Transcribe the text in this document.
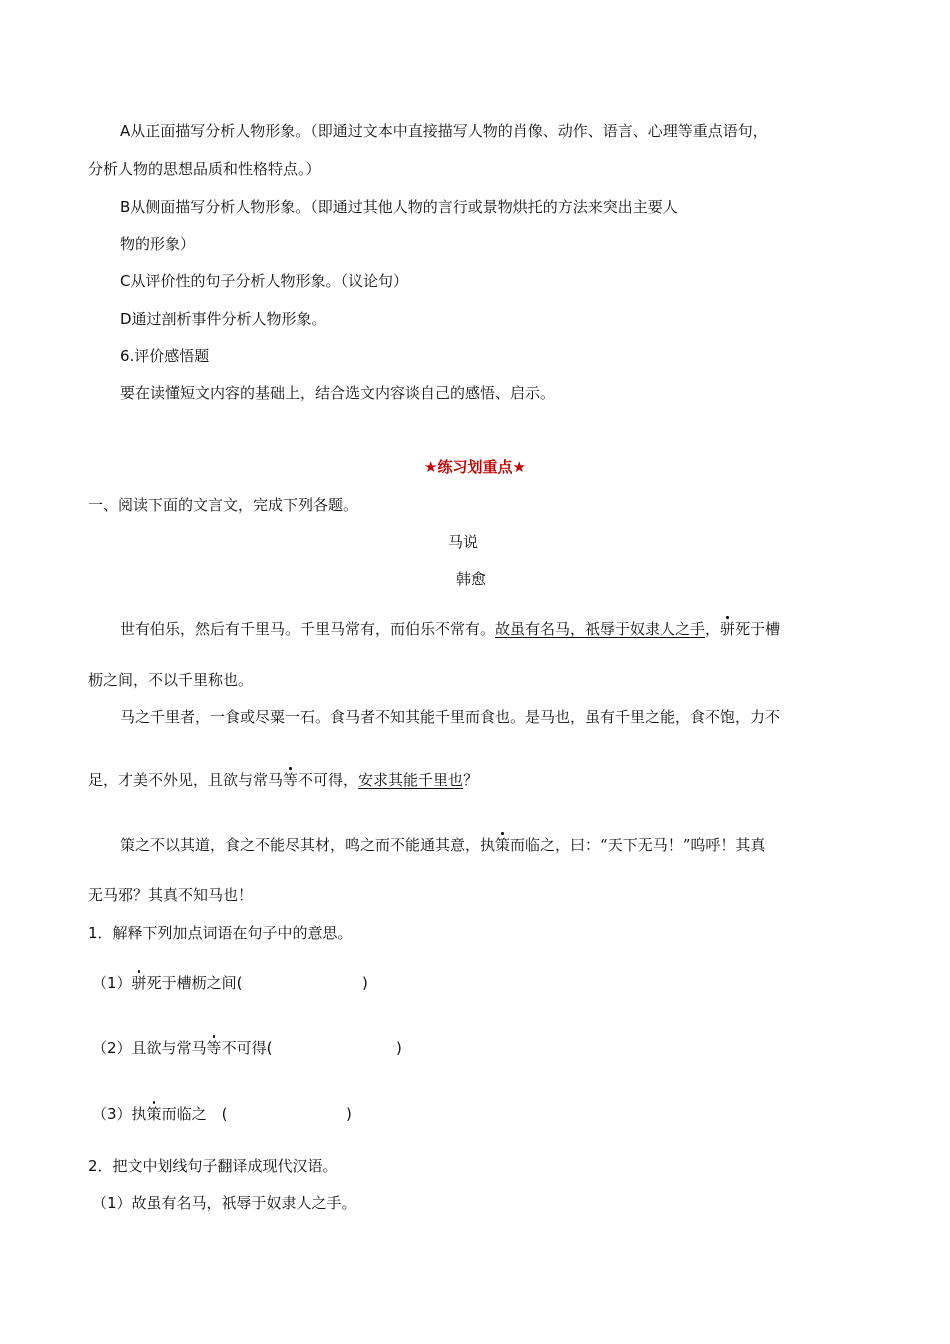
A从正面描写分析人物形象。（即通过文本中直接描写人物的肖像、动作、语言、心理等重点语句，
分析人物的思想品质和性格特点。）
B从侧面描写分析人物形象。（即通过其他人物的言行或景物烘托的方法来突出主要人
物的形象）
C从评价性的句子分析人物形象。（议论句）
D通过剖析事件分析人物形象。
6.评价感悟题
要在读懂短文内容的基础上，结合选文内容谈自己的感悟、启示。
★练习划重点★
一、阅读下面的文言文，完成下列各题。
马说
韩愈
世有伯乐，然后有千里马。千里马常有，而伯乐不常有。故虽有名马，祇辱于奴隶人之手，骈死于槽
枥之间，不以千里称也。
马之千里者，一食或尽粟一石。食马者不知其能千里而食也。是马也，虽有千里之能，食不饱，力不
足，才美不外见，且欲与常马等不可得，安求其能千里也？
策之不以其道，食之不能尽其材，鸣之而不能通其意，执策而临之，曰：“天下无马！”呜呼！其真
无马邪？其真不知马也！
1．解释下列加点词语在句子中的意思。
（1）骈死于槽枥之间(	)
（2）且欲与常马等不可得(	)
（3）执策而临之　(	)
2．把文中划线句子翻译成现代汉语。
（1）故虽有名马，祇辱于奴隶人之手。
